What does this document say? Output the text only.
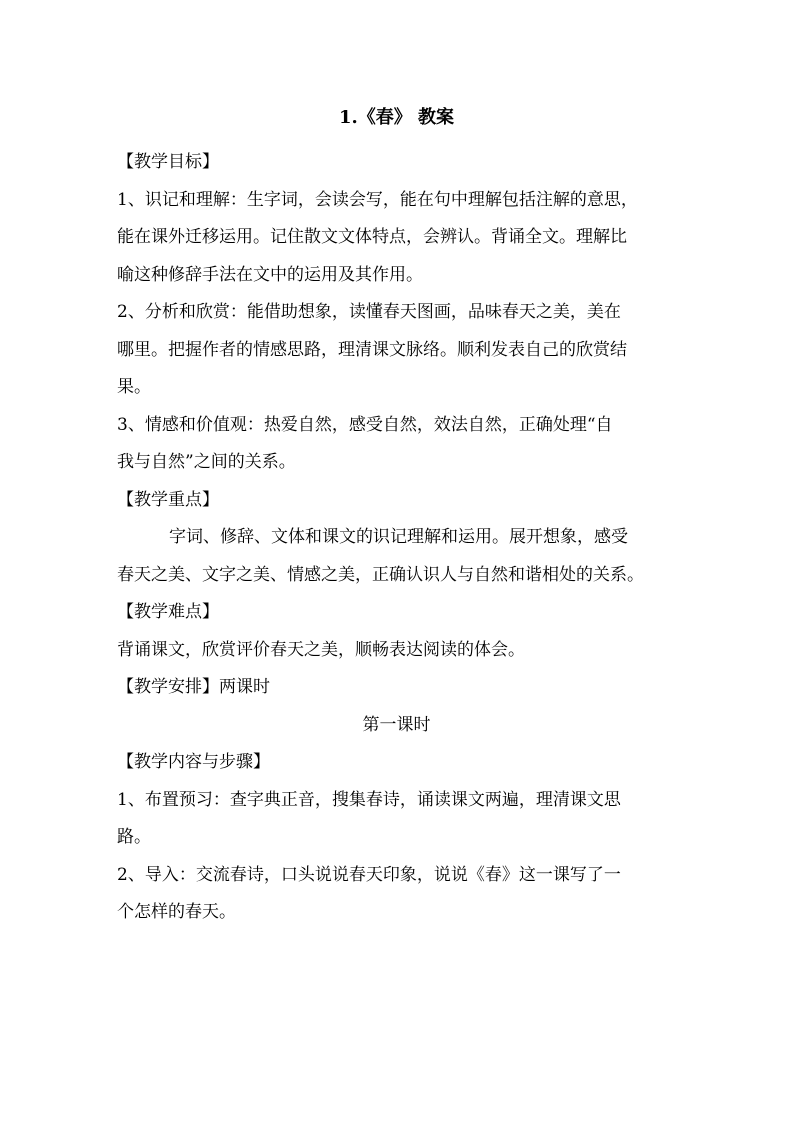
1.《春》 教案

【教学目标】

1、识记和理解：生字词，会读会写，能在句中理解包括注解的意思，

能在课外迁移运用。记住散文文体特点，会辨认。背诵全文。理解比

喻这种修辞手法在文中的运用及其作用。

2、分析和欣赏：能借助想象，读懂春天图画，品味春天之美，美在

哪里。把握作者的情感思路，理清课文脉络。顺利发表自己的欣赏结

果。

3、情感和价值观：热爱自然，感受自然，效法自然，正确处理“自

我与自然”之间的关系。

【教学重点】

字词、修辞、文体和课文的识记理解和运用。展开想象，感受

春天之美、文字之美、情感之美，正确认识人与自然和谐相处的关系。

【教学难点】

背诵课文，欣赏评价春天之美，顺畅表达阅读的体会。

【教学安排】两课时

第一课时

【教学内容与步骤】

1、布置预习：查字典正音，搜集春诗，诵读课文两遍，理清课文思

路。

2、导入：交流春诗，口头说说春天印象，说说《春》这一课写了一

个怎样的春天。
